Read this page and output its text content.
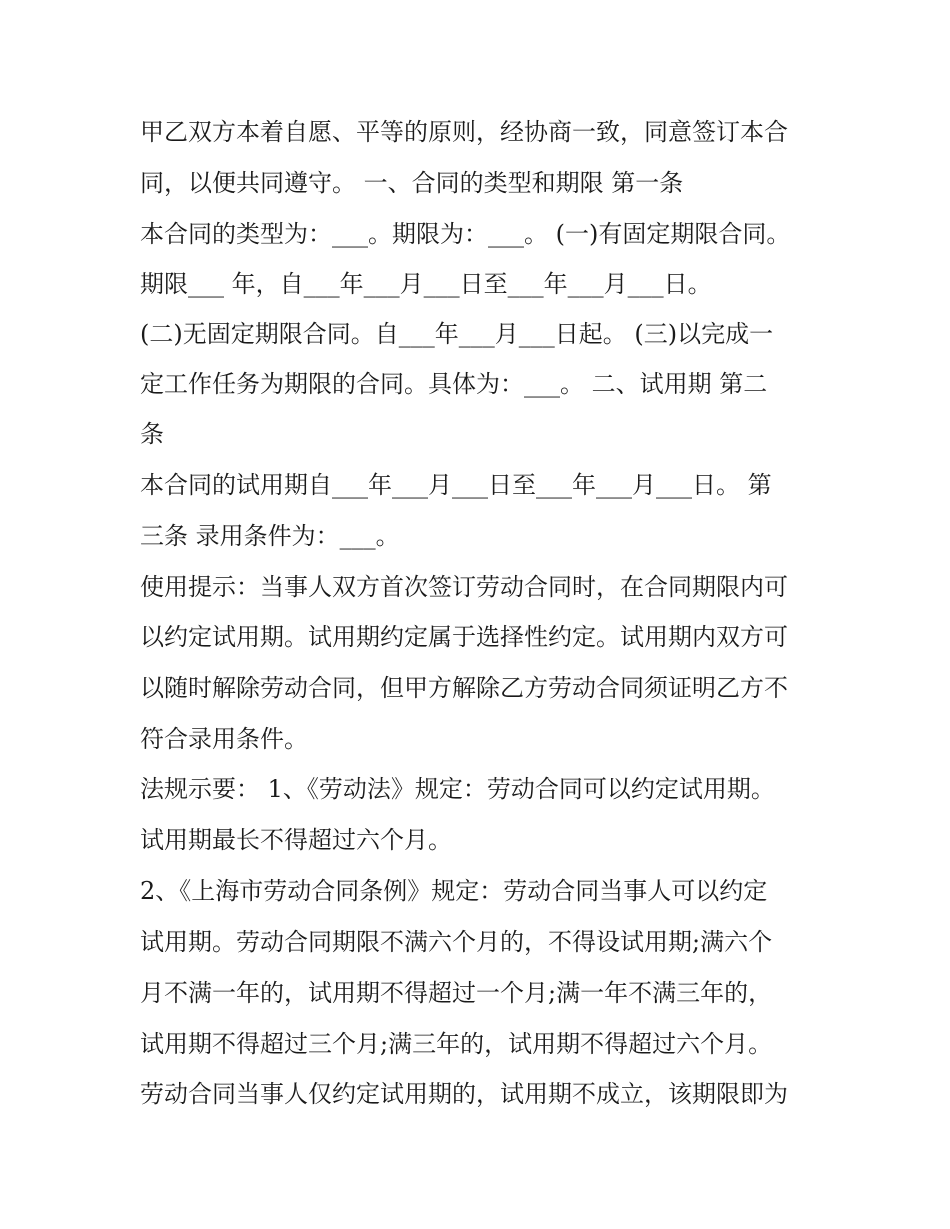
甲乙双方本着自愿、平等的原则，经协商一致，同意签订本合
同，以便共同遵守。 一、合同的类型和期限 第一条
本合同的类型为：___。期限为：___。 (一)有固定期限合同。
期限___ 年，自___年___月___日至___年___月___日。
(二)无固定期限合同。自___年___月___日起。 (三)以完成一
定工作任务为期限的合同。具体为：___。 二、试用期 第二
条
本合同的试用期自___年___月___日至___年___月___日。 第
三条 录用条件为：___。
使用提示：当事人双方首次签订劳动合同时，在合同期限内可
以约定试用期。试用期约定属于选择性约定。试用期内双方可
以随时解除劳动合同，但甲方解除乙方劳动合同须证明乙方不
符合录用条件。
法规示要： 1、《劳动法》规定：劳动合同可以约定试用期。
试用期最长不得超过六个月。
2、《上海市劳动合同条例》规定：劳动合同当事人可以约定
试用期。劳动合同期限不满六个月的，不得设试用期;满六个
月不满一年的，试用期不得超过一个月;满一年不满三年的，
试用期不得超过三个月;满三年的，试用期不得超过六个月。
劳动合同当事人仅约定试用期的，试用期不成立，该期限即为
